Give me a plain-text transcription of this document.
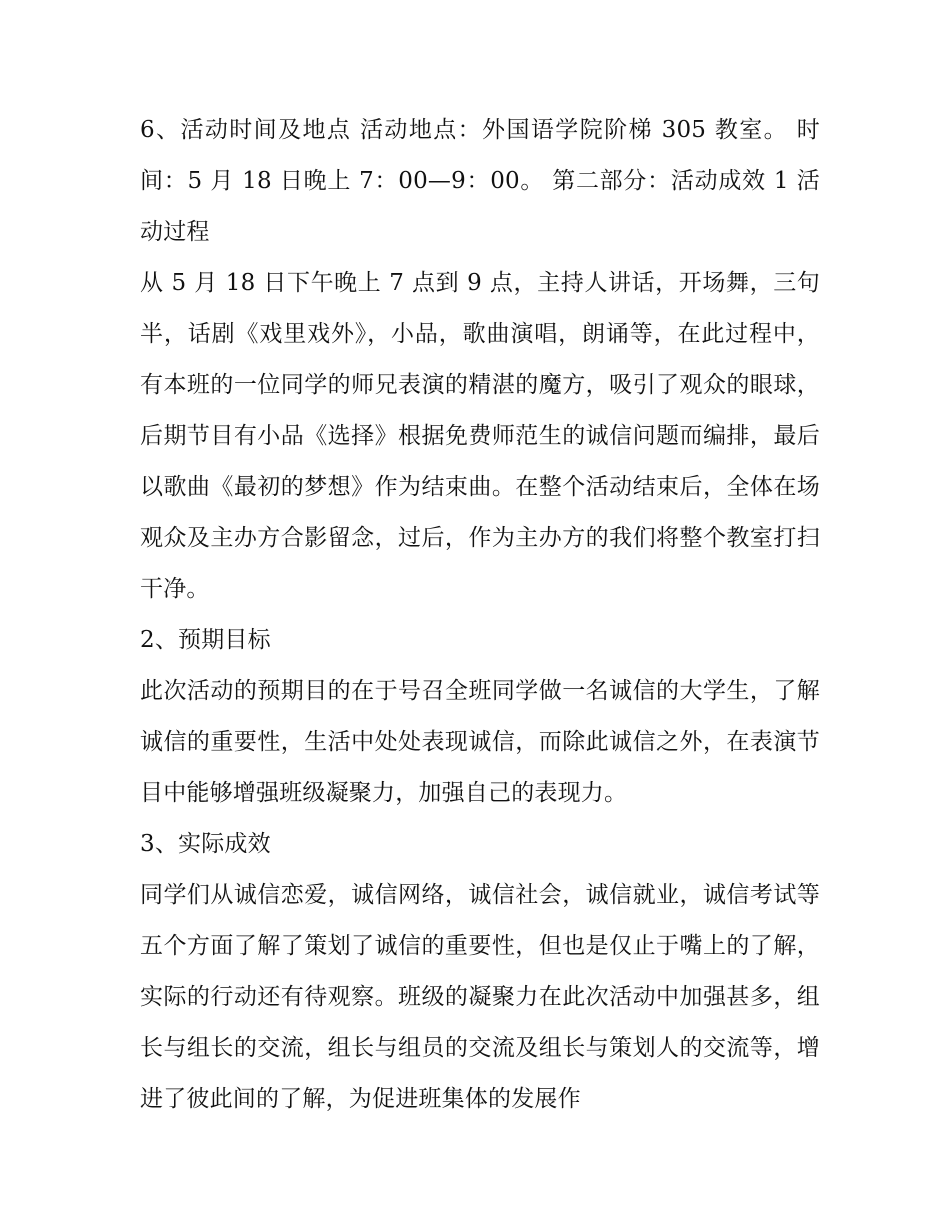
6、活动时间及地点 活动地点：外国语学院阶梯 305 教室。 时间：5 月 18 日晚上 7：00—9：00。 第二部分：活动成效 1 活动过程

从 5 月 18 日下午晚上 7 点到 9 点，主持人讲话，开场舞，三句半，话剧《戏里戏外》，小品，歌曲演唱，朗诵等，在此过程中，有本班的一位同学的师兄表演的精湛的魔方，吸引了观众的眼球，后期节目有小品《选择》根据免费师范生的诚信问题而编排，最后以歌曲《最初的梦想》作为结束曲。在整个活动结束后，全体在场观众及主办方合影留念，过后，作为主办方的我们将整个教室打扫干净。

2、预期目标

此次活动的预期目的在于号召全班同学做一名诚信的大学生，了解诚信的重要性，生活中处处表现诚信，而除此诚信之外，在表演节目中能够增强班级凝聚力，加强自己的表现力。

3、实际成效

同学们从诚信恋爱，诚信网络，诚信社会，诚信就业，诚信考试等五个方面了解了策划了诚信的重要性，但也是仅止于嘴上的了解，实际的行动还有待观察。班级的凝聚力在此次活动中加强甚多，组长与组长的交流，组长与组员的交流及组长与策划人的交流等，增进了彼此间的了解，为促进班集体的发展作
